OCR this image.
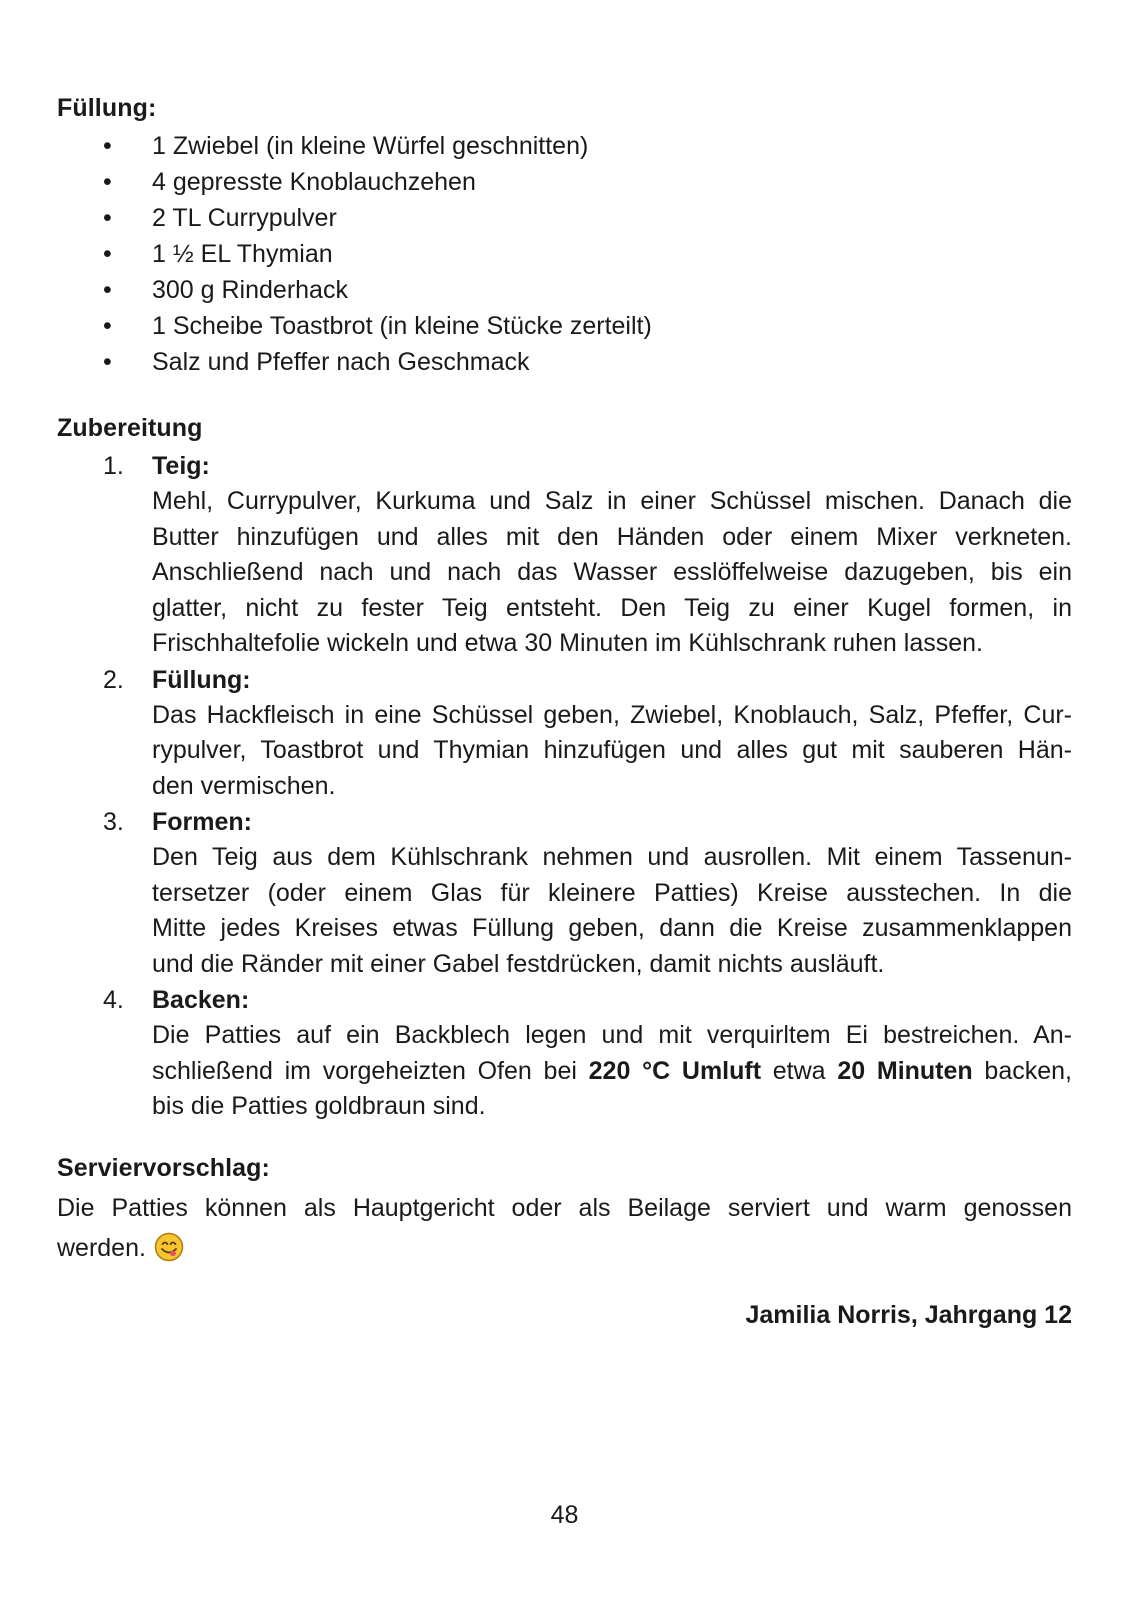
Füllung:
• 1 Zwiebel (in kleine Würfel geschnitten)
• 4 gepresste Knoblauchzehen
• 2 TL Currypulver
• 1 ½ EL Thymian
• 300 g Rinderhack
• 1 Scheibe Toastbrot (in kleine Stücke zerteilt)
• Salz und Pfeffer nach Geschmack
Zubereitung
1. Teig:
Mehl, Currypulver, Kurkuma und Salz in einer Schüssel mischen. Danach die
Butter hinzufügen und alles mit den Händen oder einem Mixer verkneten.
Anschließend nach und nach das Wasser esslöffelweise dazugeben, bis ein
glatter, nicht zu fester Teig entsteht. Den Teig zu einer Kugel formen, in
Frischhaltefolie wickeln und etwa 30 Minuten im Kühlschrank ruhen lassen.
2. Füllung:
Das Hackfleisch in eine Schüssel geben, Zwiebel, Knoblauch, Salz, Pfeffer, Cur-
rypulver, Toastbrot und Thymian hinzufügen und alles gut mit sauberen Hän-
den vermischen.
3. Formen:
Den Teig aus dem Kühlschrank nehmen und ausrollen. Mit einem Tassenun-
tersetzer (oder einem Glas für kleinere Patties) Kreise ausstechen. In die
Mitte jedes Kreises etwas Füllung geben, dann die Kreise zusammenklappen
und die Ränder mit einer Gabel festdrücken, damit nichts ausläuft.
4. Backen:
Die Patties auf ein Backblech legen und mit verquirltem Ei bestreichen. An-
schließend im vorgeheizten Ofen bei 220 °C Umluft etwa 20 Minuten backen,
bis die Patties goldbraun sind.
Serviervorschlag:
Die Patties können als Hauptgericht oder als Beilage serviert und warm genossen
werden.
Jamilia Norris, Jahrgang 12
48
